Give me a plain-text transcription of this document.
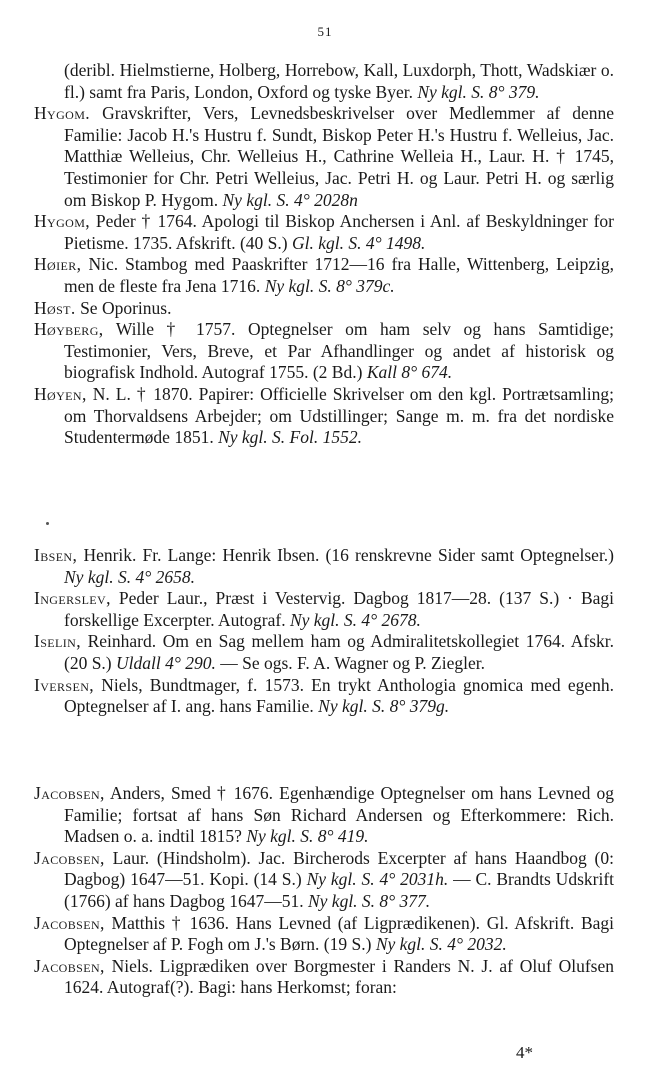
51

(deribl. Hielmstierne, Holberg, Horrebow, Kall, Luxdorph, Thott, Wadskiær o. fl.) samt fra Paris, London, Oxford og tyske Byer. Ny kgl. S. 8° 379.

Hygom. Gravskrifter, Vers, Levnedsbeskrivelser over Medlemmer af denne Familie: Jacob H.'s Hustru f. Sundt, Biskop Peter H.'s Hustru f. Welleius, Jac. Matthiæ Welleius, Chr. Welleius H., Cathrine Welleia H., Laur. H. † 1745, Testimonier for Chr. Petri Welleius, Jac. Petri H. og Laur. Petri H. og særlig om Biskop P. Hygom. Ny kgl. S. 4° 2028n

Hygom, Peder † 1764. Apologi til Biskop Anchersen i Anl. af Beskyldninger for Pietisme. 1735. Afskrift. (40 S.) Gl. kgl. S. 4° 1498.

Høier, Nic. Stambog med Paaskrifter 1712—16 fra Halle, Wittenberg, Leipzig, men de fleste fra Jena 1716. Ny kgl. S. 8° 379c.

Høst. Se Oporinus.

Høyberg, Wille † 1757. Optegnelser om ham selv og hans Samtidige; Testimonier, Vers, Breve, et Par Afhandlinger og andet af historisk og biografisk Indhold. Autograf 1755. (2 Bd.) Kall 8° 674.

Høyen, N. L. † 1870. Papirer: Officielle Skrivelser om den kgl. Portrætsamling; om Thorvaldsens Arbejder; om Udstillinger; Sange m. m. fra det nordiske Studentermøde 1851. Ny kgl. S. Fol. 1552.

Ibsen, Henrik. Fr. Lange: Henrik Ibsen. (16 renskrevne Sider samt Optegnelser.) Ny kgl. S. 4° 2658.

Ingerslev, Peder Laur., Præst i Vestervig. Dagbog 1817—28. (137 S.) · Bagi forskellige Excerpter. Autograf. Ny kgl. S. 4° 2678.

Iselin, Reinhard. Om en Sag mellem ham og Admiralitetskollegiet 1764. Afskr. (20 S.) Uldall 4° 290. — Se ogs. F. A. Wagner og P. Ziegler.

Iversen, Niels, Bundtmager, f. 1573. En trykt Anthologia gnomica med egenh. Optegnelser af I. ang. hans Familie. Ny kgl. S. 8° 379g.

Jacobsen, Anders, Smed † 1676. Egenhændige Optegnelser om hans Levned og Familie; fortsat af hans Søn Richard Andersen og Efterkommere: Rich. Madsen o. a. indtil 1815? Ny kgl. S. 8° 419.

Jacobsen, Laur. (Hindsholm). Jac. Bircherods Excerpter af hans Haandbog (0: Dagbog) 1647—51. Kopi. (14 S.) Ny kgl. S. 4° 2031h. — C. Brandts Udskrift (1766) af hans Dagbog 1647—51. Ny kgl. S. 8° 377.

Jacobsen, Matthis † 1636. Hans Levned (af Ligprædikenen). Gl. Afskrift. Bagi Optegnelser af P. Fogh om J.'s Børn. (19 S.) Ny kgl. S. 4° 2032.

Jacobsen, Niels. Ligprædiken over Borgmester i Randers N. J. af Oluf Olufsen 1624. Autograf(?). Bagi: hans Herkomst; foran:

4*
